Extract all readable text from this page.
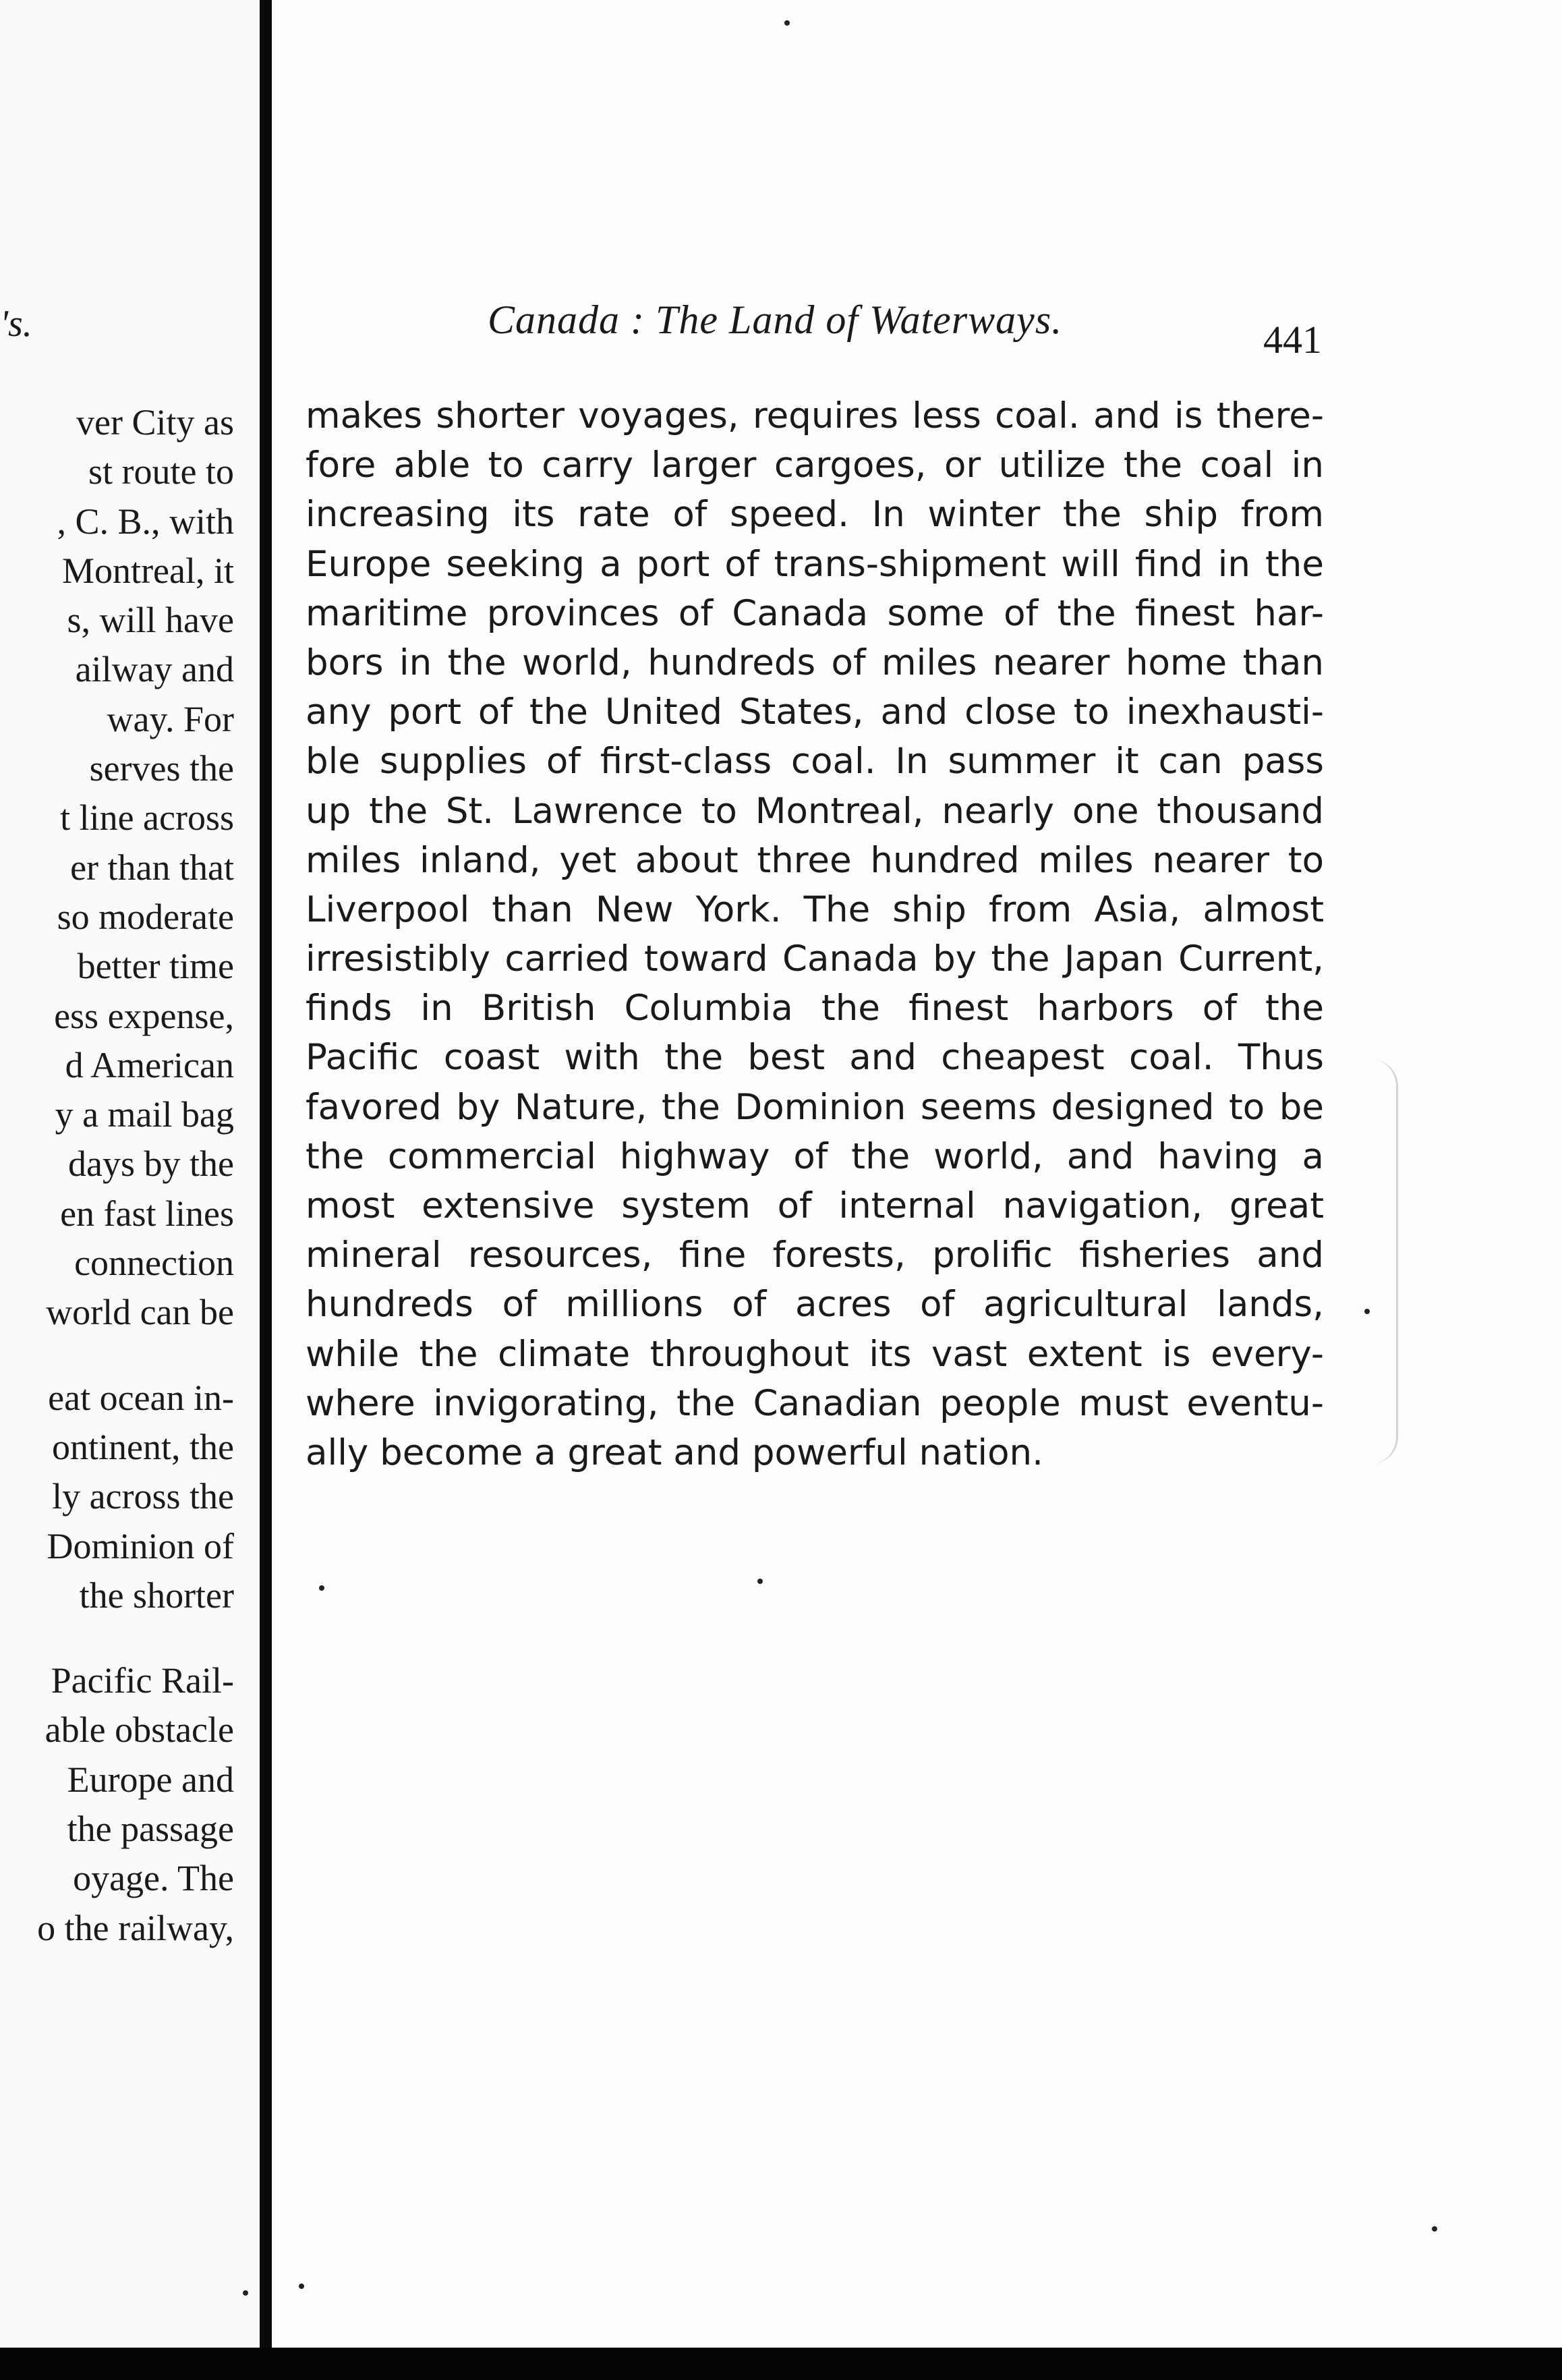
's.
ver City as
st route to
, C. B., with
Montreal, it
s, will have
ailway and
way. For
serves the
t line across
er than that
so moderate
better time
ess expense,
d American
y a mail bag
days by the
en fast lines
connection
world can be
eat ocean in-
ontinent, the
ly across the
Dominion of
the shorter
Pacific Rail-
able obstacle
Europe and
the passage
oyage. The
o the railway,
Canada : The Land of Waterways.	441
makes shorter voyages, requires less coal. and is there-
fore able to carry larger cargoes, or utilize the coal in
increasing its rate of speed. In winter the ship from
Europe seeking a port of trans-shipment will find in the
maritime provinces of Canada some of the finest har-
bors in the world, hundreds of miles nearer home than
any port of the United States, and close to inexhausti-
ble supplies of first-class coal. In summer it can pass
up the St. Lawrence to Montreal, nearly one thousand
miles inland, yet about three hundred miles nearer to
Liverpool than New York. The ship from Asia, almost
irresistibly carried toward Canada by the Japan Current,
finds in British Columbia the finest harbors of the
Pacific coast with the best and cheapest coal. Thus
favored by Nature, the Dominion seems designed to be
the commercial highway of the world, and having a
most extensive system of internal navigation, great
mineral resources, fine forests, prolific fisheries and
hundreds of millions of acres of agricultural lands,
while the climate throughout its vast extent is every-
where invigorating, the Canadian people must eventu-
ally become a great and powerful nation.
